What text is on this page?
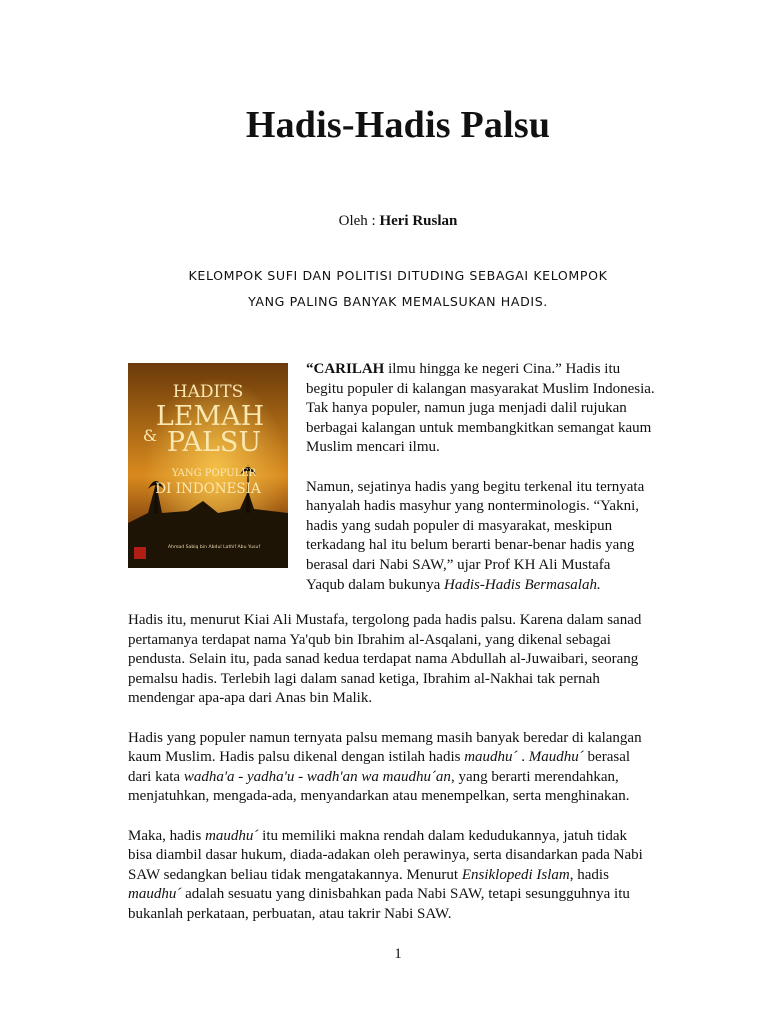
Hadis-Hadis Palsu
Oleh : Heri Ruslan
KELOMPOK SUFI DAN POLITISI DITUDING SEBAGAI KELOMPOK
YANG PALING BANYAK MEMALSUKAN HADIS.
HADITS
LEMAH
& PALSU
YANG POPULER
DI INDONESIA
Ahmad Sabiq bin Abdul Lathif Abu Yusuf

“CARILAH ilmu hingga ke negeri Cina.” Hadis itu
begitu populer di kalangan masyarakat Muslim Indonesia.
Tak hanya populer, namun juga menjadi dalil rujukan
berbagai kalangan untuk membangkitkan semangat kaum
Muslim mencari ilmu.

Namun, sejatinya hadis yang begitu terkenal itu ternyata
hanyalah hadis masyhur yang nonterminologis. “Yakni,
hadis yang sudah populer di masyarakat, meskipun
terkadang hal itu belum berarti benar-benar hadis yang
berasal dari Nabi SAW,” ujar Prof KH Ali Mustafa
Yaqub dalam bukunya Hadis-Hadis Bermasalah.

Hadis itu, menurut Kiai Ali Mustafa, tergolong pada hadis palsu. Karena dalam sanad
pertamanya terdapat nama Ya'qub bin Ibrahim al-Asqalani, yang dikenal sebagai
pendusta. Selain itu, pada sanad kedua terdapat nama Abdullah al-Juwaibari, seorang
pemalsu hadis. Terlebih lagi dalam sanad ketiga, Ibrahim al-Nakhai tak pernah
mendengar apa-apa dari Anas bin Malik.

Hadis yang populer namun ternyata palsu memang masih banyak beredar di kalangan
kaum Muslim. Hadis palsu dikenal dengan istilah hadis maudhu´ . Maudhu´ berasal
dari kata wadha'a - yadha'u - wadh'an wa maudhu´an, yang berarti merendahkan,
menjatuhkan, mengada-ada, menyandarkan atau menempelkan, serta menghinakan.

Maka, hadis maudhu´ itu memiliki makna rendah dalam kedudukannya, jatuh tidak
bisa diambil dasar hukum, diada-adakan oleh perawinya, serta disandarkan pada Nabi
SAW sedangkan beliau tidak mengatakannya. Menurut Ensiklopedi Islam, hadis
maudhu´ adalah sesuatu yang dinisbahkan pada Nabi SAW, tetapi sesungguhnya itu
bukanlah perkataan, perbuatan, atau takrir Nabi SAW.

1
